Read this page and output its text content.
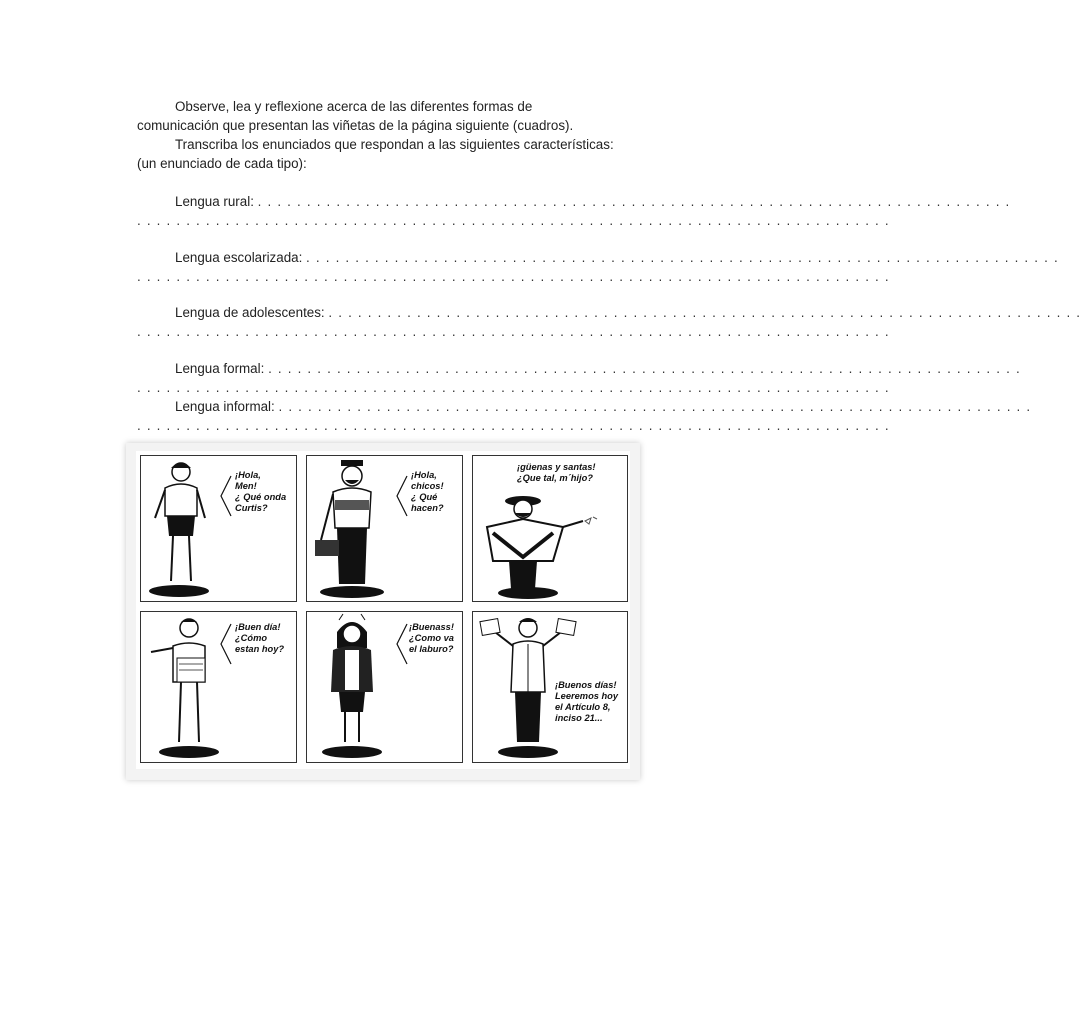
Observe, lea y reflexione acerca de las diferentes formas de comunicación que presentan las viñetas de la página siguiente (cuadros).

Transcriba los enunciados que respondan a las siguientes características: (un enunciado de cada tipo):

Lengua rural:
. . . . . . . . . . . . . . . . . . . . . . . . . . . . . . . . . . . . . . . . . . . . . . . . . . . . . . . . . . . . . . . . . . . . . . . . . . . . .
. . . . . . . . . . . . . . . . . . . . . . . . . . . . . . . . . . . . . . . . . . . . . . . . . . . . . . . . . . . . . . . . . . . . . . . . . . . . .
Lengua escolarizada:
. . . . . . . . . . . . . . . . . . . . . . . . . . . . . . . . . . . . . . . . . . . . . . . . . . . . . . . . . . . . . . . . . . . . . . . . . . . . .
. . . . . . . . . . . . . . . . . . . . . . . . . . . . . . . . . . . . . . . . . . . . . . . . . . . . . . . . . . . . . . . . . . . . . . . . . . . . .
Lengua de adolescentes:
. . . . . . . . . . . . . . . . . . . . . . . . . . . . . . . . . . . . . . . . . . . . . . . . . . . . . . . . . . . . . . . . . . . . . . . . . . . . .
. . . . . . . . . . . . . . . . . . . . . . . . . . . . . . . . . . . . . . . . . . . . . . . . . . . . . . . . . . . . . . . . . . . . . . . . . . . . .
Lengua formal:
. . . . . . . . . . . . . . . . . . . . . . . . . . . . . . . . . . . . . . . . . . . . . . . . . . . . . . . . . . . . . . . . . . . . . . . . . . . . .
. . . . . . . . . . . . . . . . . . . . . . . . . . . . . . . . . . . . . . . . . . . . . . . . . . . . . . . . . . . . . . . . . . . . . . . . . . . . .
Lengua informal:
. . . . . . . . . . . . . . . . . . . . . . . . . . . . . . . . . . . . . . . . . . . . . . . . . . . . . . . . . . . . . . . . . . . . . . . . . . . . .
. . . . . . . . . . . . . . . . . . . . . . . . . . . . . . . . . . . . . . . . . . . . . . . . . . . . . . . . . . . . . . . . . . . . . . . . . . . . .
¡Hola,
Men!
¿ Qué onda
Curtis?
¡Hola,
chicos!
¿ Qué
hacen?
¡güenas y santas!
¿Que tal, m´hijo?
¡Buen día!
¿Cómo
estan hoy?
¡Buenass!
¿Como va
el laburo?
¡Buenos días!
Leeremos hoy
el Artículo 8,
inciso 21...
